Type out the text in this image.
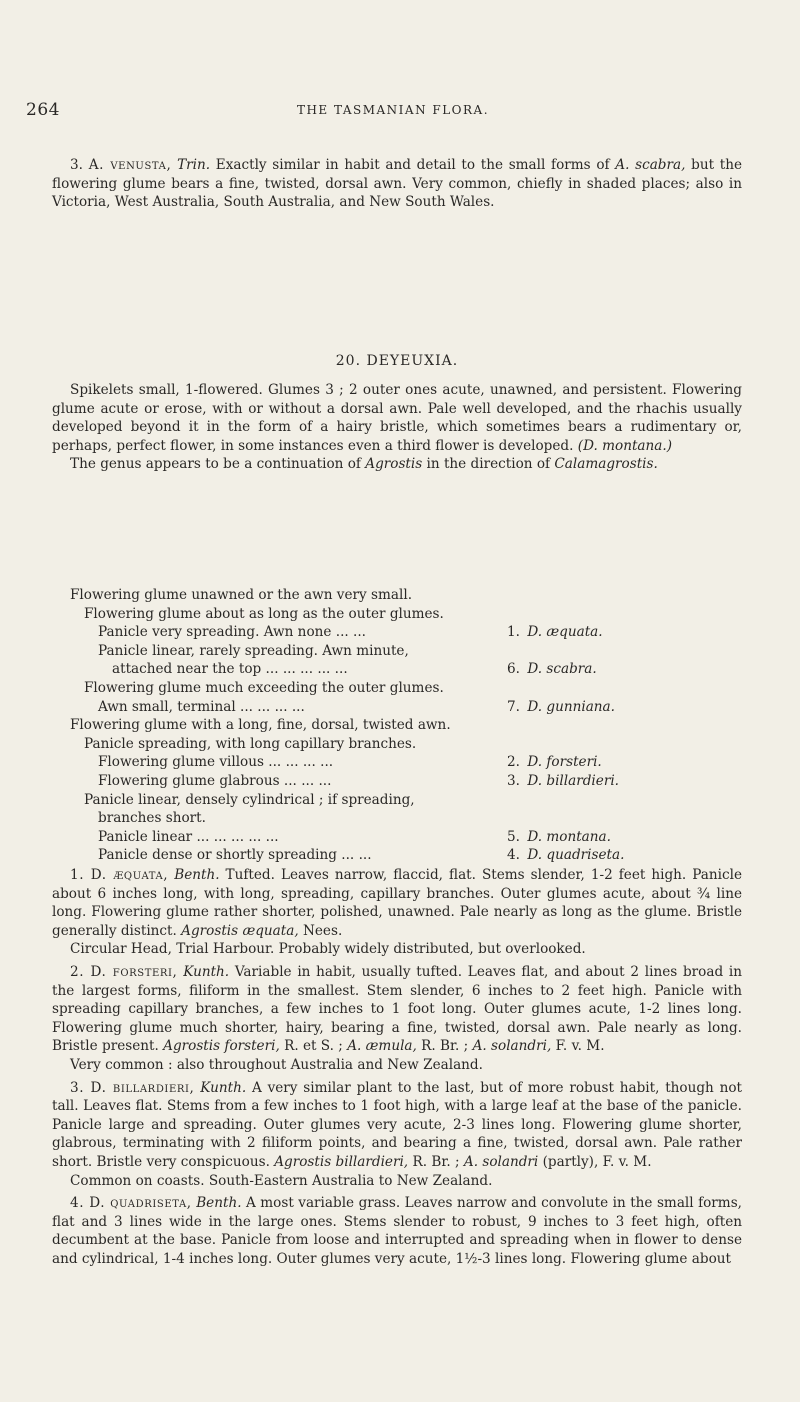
264	THE TASMANIAN FLORA.

3. A. venusta, Trin. Exactly similar in habit and detail to the small forms of A. scabra, but the flowering glume bears a fine, twisted, dorsal awn. Very common, chiefly in shaded places; also in Victoria, West Australia, South Australia, and New South Wales.

20. DEYEUXIA.

Spikelets small, 1-flowered. Glumes 3 ; 2 outer ones acute, unawned, and persistent. Flowering glume acute or erose, with or without a dorsal awn. Pale well developed, and the rhachis usually developed beyond it in the form of a hairy bristle, which sometimes bears a rudimentary or, perhaps, perfect flower, in some instances even a third flower is developed. (D. montana.)

The genus appears to be a continuation of Agrostis in the direction of Calamagrostis.

Flowering glume unawned or the awn very small.
Flowering glume about as long as the outer glumes.
Panicle very spreading. Awn none ... ...	1. D. æquata.
Panicle linear, rarely spreading. Awn minute,
attached near the top ... ... ... ... ...	6. D. scabra.
Flowering glume much exceeding the outer glumes.
Awn small, terminal ... ... ... ...	7. D. gunniana.
Flowering glume with a long, fine, dorsal, twisted awn.
Panicle spreading, with long capillary branches.
Flowering glume villous ... ... ... ...	2. D. forsteri.
Flowering glume glabrous ... ... ...	3. D. billardieri.
Panicle linear, densely cylindrical ; if spreading,
branches short.
Panicle linear ... ... ... ... ...	5. D. montana.
Panicle dense or shortly spreading ... ...	4. D. quadriseta.

1. D. æquata, Benth. Tufted. Leaves narrow, flaccid, flat. Stems slender, 1-2 feet high. Panicle about 6 inches long, with long, spreading, capillary branches. Outer glumes acute, about ¾ line long. Flowering glume rather shorter, polished, unawned. Pale nearly as long as the glume. Bristle generally distinct. Agrostis æquata, Nees.

Circular Head, Trial Harbour. Probably widely distributed, but overlooked.

2. D. forsteri, Kunth. Variable in habit, usually tufted. Leaves flat, and about 2 lines broad in the largest forms, filiform in the smallest. Stem slender, 6 inches to 2 feet high. Panicle with spreading capillary branches, a few inches to 1 foot long. Outer glumes acute, 1-2 lines long. Flowering glume much shorter, hairy, bearing a fine, twisted, dorsal awn. Pale nearly as long. Bristle present. Agrostis forsteri, R. et S. ; A. æmula, R. Br. ; A. solandri, F. v. M.

Very common : also throughout Australia and New Zealand.

3. D. billardieri, Kunth. A very similar plant to the last, but of more robust habit, though not tall. Leaves flat. Stems from a few inches to 1 foot high, with a large leaf at the base of the panicle. Panicle large and spreading. Outer glumes very acute, 2-3 lines long. Flowering glume shorter, glabrous, terminating with 2 filiform points, and bearing a fine, twisted, dorsal awn. Pale rather short. Bristle very conspicuous. Agrostis billardieri, R. Br. ; A. solandri (partly), F. v. M.

Common on coasts. South-Eastern Australia to New Zealand.

4. D. quadriseta, Benth. A most variable grass. Leaves narrow and convolute in the small forms, flat and 3 lines wide in the large ones. Stems slender to robust, 9 inches to 3 feet high, often decumbent at the base. Panicle from loose and interrupted and spreading when in flower to dense and cylindrical, 1-4 inches long. Outer glumes very acute, 1½-3 lines long. Flowering glume about
